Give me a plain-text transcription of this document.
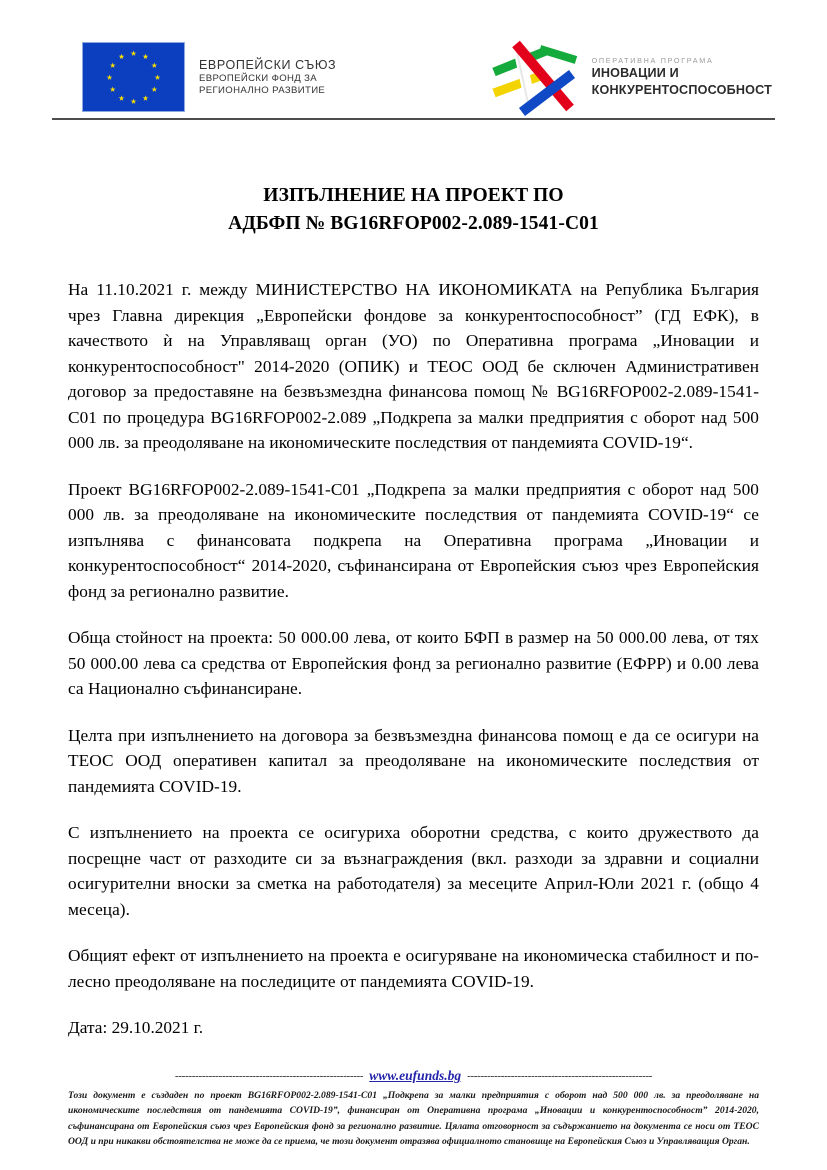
ЕВРОПЕЙСКИ СЪЮЗ
ЕВРОПЕЙСКИ ФОНД ЗА
РЕГИОНАЛНО РАЗВИТИЕ
ОПЕРАТИВНА ПРОГРАМА
ИНОВАЦИИ И
КОНКУРЕНТОСПОСОБНОСТ
ИЗПЪЛНЕНИЕ НА ПРОЕКТ ПО
АДБФП № BG16RFOP002-2.089-1541-C01

На 11.10.2021 г. между МИНИСТЕРСТВО НА ИКОНОМИКАТА на Република България чрез Главна дирекция „Европейски фондове за конкурентоспособност” (ГД ЕФК), в качеството ѝ на Управляващ орган (УО) по Оперативна програма „Иновации и конкурентоспособност" 2014-2020 (ОПИК) и ТЕОС ООД бе сключен Административен договор за предоставяне на безвъзмездна финансова помощ № BG16RFOP002-2.089-1541-C01 по процедура BG16RFOP002-2.089 „Подкрепа за малки предприятия с оборот над 500 000 лв. за преодоляване на икономическите последствия от пандемията COVID-19“.

Проект BG16RFOP002-2.089-1541-C01 „Подкрепа за малки предприятия с оборот над 500 000 лв. за преодоляване на икономическите последствия от пандемията COVID-19“ се изпълнява с финансовата подкрепа на Оперативна програма „Иновации и конкурентоспособност“ 2014-2020, съфинансирана от Европейския съюз чрез Европейския фонд за регионално развитие.

Обща стойност на проекта: 50 000.00 лева, от които БФП в размер на 50 000.00 лева, от тях 50 000.00 лева са средства от Европейския фонд за регионално развитие (ЕФРР) и 0.00 лева са Национално съфинансиране.

Целта при изпълнението на договора за безвъзмездна финансова помощ е да се осигури на ТЕОС ООД оперативен капитал за преодоляване на икономическите последствия от пандемията COVID-19.

С изпълнението на проекта се осигуриха оборотни средства, с които дружеството да посрещне част от разходите си за възнаграждения (вкл. разходи за здравни и социални осигурителни вноски за сметка на работодателя) за месеците Април-Юли 2021 г. (общо 4 месеца).

Общият ефект от изпълнението на проекта е осигуряване на икономическа стабилност и по-лесно преодоляване на последиците от пандемията COVID-19.

Дата: 29.10.2021 г.

-------------------------------------------------------- www.eufunds.bg -------------------------------------------------------
Този документ е създаден по проект BG16RFOP002-2.089-1541-C01 „Подкрепа за малки предприятия с оборот над 500 000 лв. за преодоляване на икономическите последствия от пандемията COVID-19”, финансиран от Оперативна програма „Иновации и конкурентоспособност” 2014-2020, съфинансирана от Европейския съюз чрез Европейския фонд за регионално развитие. Цялата отговорност за съдържанието на документа се носи от ТЕОС ООД и при никакви обстоятелства не може да се приема, че този документ отразява официалното становище на Европейския Съюз и Управляващия Орган.
